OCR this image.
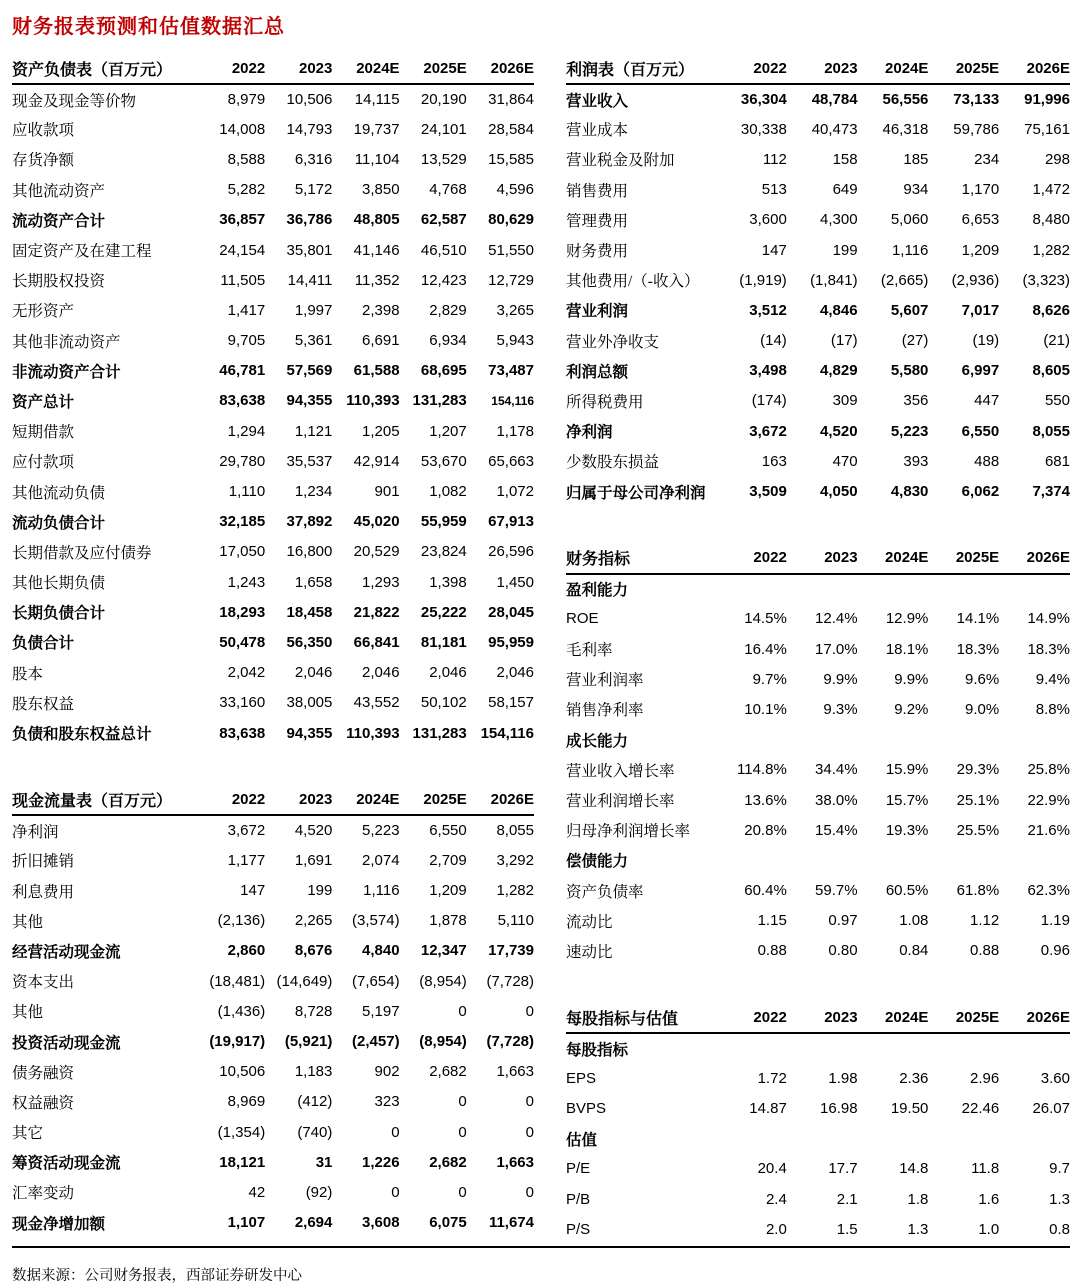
财务报表预测和估值数据汇总
资产负债表（百万元）	2022	2023	2024E	2025E	2026E
现金及现金等价物	8,979	10,506	14,115	20,190	31,864
应收款项	14,008	14,793	19,737	24,101	28,584
存货净额	8,588	6,316	11,104	13,529	15,585
其他流动资产	5,282	5,172	3,850	4,768	4,596
流动资产合计	36,857	36,786	48,805	62,587	80,629
固定资产及在建工程	24,154	35,801	41,146	46,510	51,550
长期股权投资	11,505	14,411	11,352	12,423	12,729
无形资产	1,417	1,997	2,398	2,829	3,265
其他非流动资产	9,705	5,361	6,691	6,934	5,943
非流动资产合计	46,781	57,569	61,588	68,695	73,487
资产总计	83,638	94,355	110,393	131,283	154,116
短期借款	1,294	1,121	1,205	1,207	1,178
应付款项	29,780	35,537	42,914	53,670	65,663
其他流动负债	1,110	1,234	901	1,082	1,072
流动负债合计	32,185	37,892	45,020	55,959	67,913
长期借款及应付债券	17,050	16,800	20,529	23,824	26,596
其他长期负债	1,243	1,658	1,293	1,398	1,450
长期负债合计	18,293	18,458	21,822	25,222	28,045
负债合计	50,478	56,350	66,841	81,181	95,959
股本	2,042	2,046	2,046	2,046	2,046
股东权益	33,160	38,005	43,552	50,102	58,157
负债和股东权益总计	83,638	94,355	110,393	131,283	154,116
现金流量表（百万元）	2022	2023	2024E	2025E	2026E
净利润	3,672	4,520	5,223	6,550	8,055
折旧摊销	1,177	1,691	2,074	2,709	3,292
利息费用	147	199	1,116	1,209	1,282
其他	(2,136)	2,265	(3,574)	1,878	5,110
经营活动现金流	2,860	8,676	4,840	12,347	17,739
资本支出	(18,481)	(14,649)	(7,654)	(8,954)	(7,728)
其他	(1,436)	8,728	5,197	0	0
投资活动现金流	(19,917)	(5,921)	(2,457)	(8,954)	(7,728)
债务融资	10,506	1,183	902	2,682	1,663
权益融资	8,969	(412)	323	0	0
其它	(1,354)	(740)	0	0	0
筹资活动现金流	18,121	31	1,226	2,682	1,663
汇率变动	42	(92)	0	0	0
现金净增加额	1,107	2,694	3,608	6,075	11,674
利润表（百万元）	2022	2023	2024E	2025E	2026E
营业收入	36,304	48,784	56,556	73,133	91,996
营业成本	30,338	40,473	46,318	59,786	75,161
营业税金及附加	112	158	185	234	298
销售费用	513	649	934	1,170	1,472
管理费用	3,600	4,300	5,060	6,653	8,480
财务费用	147	199	1,116	1,209	1,282
其他费用/（-收入）	(1,919)	(1,841)	(2,665)	(2,936)	(3,323)
营业利润	3,512	4,846	5,607	7,017	8,626
营业外净收支	(14)	(17)	(27)	(19)	(21)
利润总额	3,498	4,829	5,580	6,997	8,605
所得税费用	(174)	309	356	447	550
净利润	3,672	4,520	5,223	6,550	8,055
少数股东损益	163	470	393	488	681
归属于母公司净利润	3,509	4,050	4,830	6,062	7,374
财务指标	2022	2023	2024E	2025E	2026E
盈利能力					
ROE	14.5%	12.4%	12.9%	14.1%	14.9%
毛利率	16.4%	17.0%	18.1%	18.3%	18.3%
营业利润率	9.7%	9.9%	9.9%	9.6%	9.4%
销售净利率	10.1%	9.3%	9.2%	9.0%	8.8%
成长能力					
营业收入增长率	114.8%	34.4%	15.9%	29.3%	25.8%
营业利润增长率	13.6%	38.0%	15.7%	25.1%	22.9%
归母净利润增长率	20.8%	15.4%	19.3%	25.5%	21.6%
偿债能力					
资产负债率	60.4%	59.7%	60.5%	61.8%	62.3%
流动比	1.15	0.97	1.08	1.12	1.19
速动比	0.88	0.80	0.84	0.88	0.96
每股指标与估值	2022	2023	2024E	2025E	2026E
每股指标					
EPS	1.72	1.98	2.36	2.96	3.60
BVPS	14.87	16.98	19.50	22.46	26.07
估值					
P/E	20.4	17.7	14.8	11.8	9.7
P/B	2.4	2.1	1.8	1.6	1.3
P/S	2.0	1.5	1.3	1.0	0.8
数据来源：公司财务报表，西部证券研发中心
